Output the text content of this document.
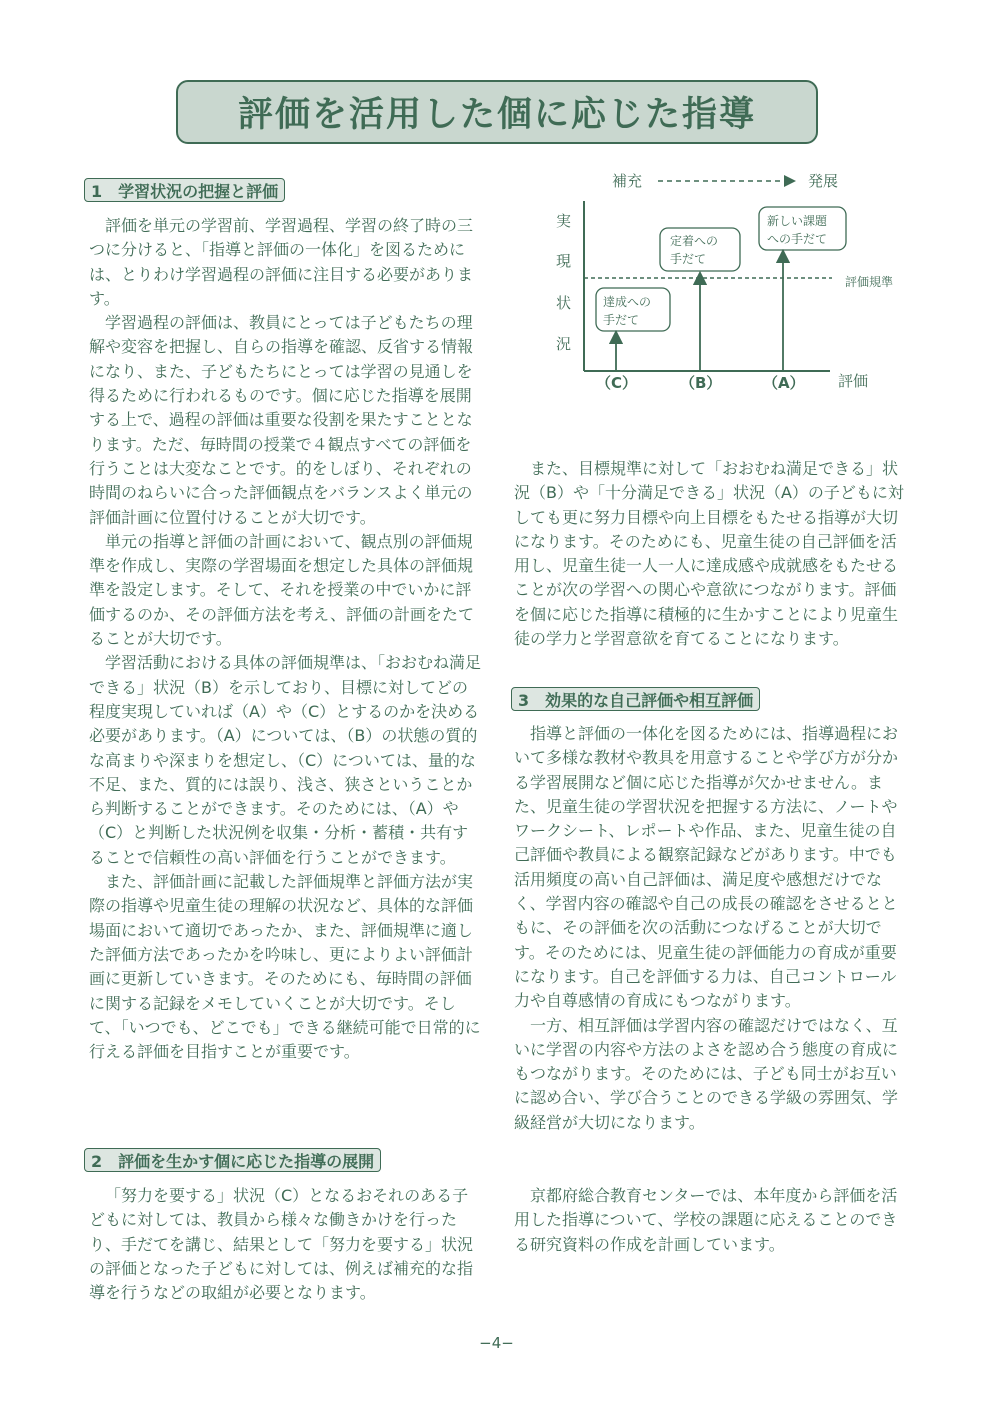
評価を活用した個に応じた指導
1　学習状況の把握と評価

評価を単元の学習前、学習過程、学習の終了時の三つに分けると、「指導と評価の一体化」を図るためには、とりわけ学習過程の評価に注目する必要があります。

学習過程の評価は、教員にとっては子どもたちの理解や変容を把握し、自らの指導を確認、反省する情報になり、また、子どもたちにとっては学習の見通しを得るために行われるものです。個に応じた指導を展開する上で、過程の評価は重要な役割を果たすこととなります。ただ、毎時間の授業で４観点すべての評価を行うことは大変なことです。的をしぼり、それぞれの時間のねらいに合った評価観点をバランスよく単元の評価計画に位置付けることが大切です。

単元の指導と評価の計画において、観点別の評価規準を作成し、実際の学習場面を想定した具体の評価規準を設定します。そして、それを授業の中でいかに評価するのか、その評価方法を考え、評価の計画をたてることが大切です。

学習活動における具体の評価規準は、「おおむね満足できる」状況（B）を示しており、目標に対してどの程度実現していれば（A）や（C）とするのかを決める必要があります。（A）については、（B）の状態の質的な高まりや深まりを想定し、（C）については、量的な不足、また、質的には誤り、浅さ、狭さということから判断することができます。そのためには、（A）や（C）と判断した状況例を収集・分析・蓄積・共有することで信頼性の高い評価を行うことができます。

また、評価計画に記載した評価規準と評価方法が実際の指導や児童生徒の理解の状況など、具体的な評価場面において適切であったか、また、評価規準に適した評価方法であったかを吟味し、更によりよい評価計画に更新していきます。そのためにも、毎時間の評価に関する記録をメモしていくことが大切です。そして、「いつでも、どこでも」できる継続可能で日常的に行える評価を目指すことが重要です。

2　評価を生かす個に応じた指導の展開

「努力を要する」状況（C）となるおそれのある子どもに対しては、教員から様々な働きかけを行ったり、手だてを講じ、結果として「努力を要する」状況の評価となった子どもに対しては、例えば補充的な指導を行うなどの取組が必要となります。

補充	発展
実
現
状
況
評価
評価規準
達成への
手だて
定着への
手だて
新しい課題
への手だて
（C）	（B）	（A）

また、目標規準に対して「おおむね満足できる」状況（B）や「十分満足できる」状況（A）の子どもに対しても更に努力目標や向上目標をもたせる指導が大切になります。そのためにも、児童生徒の自己評価を活用し、児童生徒一人一人に達成感や成就感をもたせることが次の学習への関心や意欲につながります。評価を個に応じた指導に積極的に生かすことにより児童生徒の学力と学習意欲を育てることになります。

3　効果的な自己評価や相互評価

指導と評価の一体化を図るためには、指導過程において多様な教材や教具を用意することや学び方が分かる学習展開など個に応じた指導が欠かせません。また、児童生徒の学習状況を把握する方法に、ノートやワークシート、レポートや作品、また、児童生徒の自己評価や教員による観察記録などがあります。中でも活用頻度の高い自己評価は、満足度や感想だけでなく、学習内容の確認や自己の成長の確認をさせるとともに、その評価を次の活動につなげることが大切です。そのためには、児童生徒の評価能力の育成が重要になります。自己を評価する力は、自己コントロール力や自尊感情の育成にもつながります。

一方、相互評価は学習内容の確認だけではなく、互いに学習の内容や方法のよさを認め合う態度の育成にもつながります。そのためには、子ども同士がお互いに認め合い、学び合うことのできる学級の雰囲気、学級経営が大切になります。

京都府総合教育センターでは、本年度から評価を活用した指導について、学校の課題に応えることのできる研究資料の作成を計画しています。

−4−
